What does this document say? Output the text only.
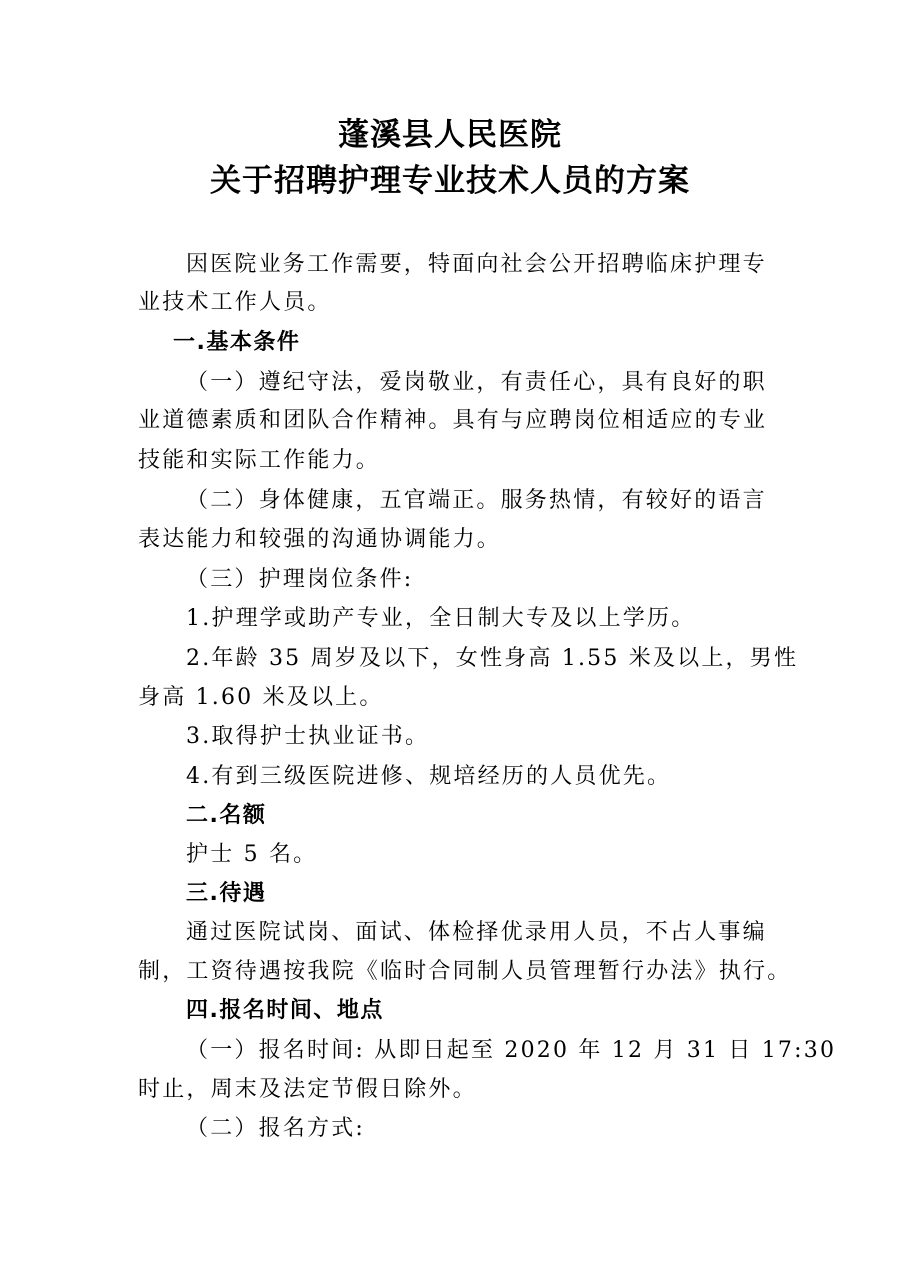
蓬溪县人民医院
关于招聘护理专业技术人员的方案
因医院业务工作需要，特面向社会公开招聘临床护理专
业技术工作人员。
一.基本条件
（一）遵纪守法，爱岗敬业，有责任心，具有良好的职
业道德素质和团队合作精神。具有与应聘岗位相适应的专业
技能和实际工作能力。
（二）身体健康，五官端正。服务热情，有较好的语言
表达能力和较强的沟通协调能力。
（三）护理岗位条件:
1.护理学或助产专业，全日制大专及以上学历。
2.年龄 35 周岁及以下，女性身高 1.55 米及以上，男性
身高 1.60 米及以上。
3.取得护士执业证书。
4.有到三级医院进修、规培经历的人员优先。
二.名额
护士 5 名。
三.待遇
通过医院试岗、面试、体检择优录用人员，不占人事编
制，工资待遇按我院《临时合同制人员管理暂行办法》执行。
四.报名时间、地点
（一）报名时间: 从即日起至 2020 年 12 月 31 日 17:30
时止，周末及法定节假日除外。
（二）报名方式:
